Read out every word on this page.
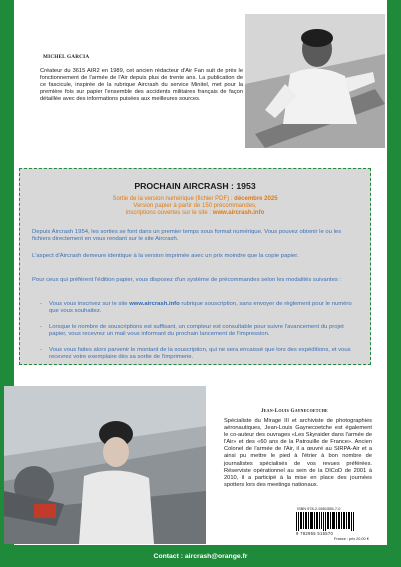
MICHEL GARCIA
Créateur du 3615 AIR2 en 1989, cet ancien rédacteur d'Air Fan suit de près le fonctionnement de l'armée de l'Air depuis plus de trente ans. La publication de ce fascicule, inspirée de la rubrique Aircrash du service Minitel, met pour la première fois sur papier l'ensemble des accidents militaires français de façon détaillée avec des informations puisées aux meilleures sources.
PROCHAIN AIRCRASH : 1953
Sortie de la version numérique (fichier PDF) : décembre 2025
Version papier à partir de 150 précommandes,
inscriptions ouvertes sur le site : www.aircrash.info
Depuis Aircrash 1954, les sorties se font dans un premier temps sous format numérique. Vous pouvez obtenir le ou les fichiers directement en vous rendant sur le site Aircrash.
L'aspect d'Aircrash demeure identique à la version imprimée avec un prix moindre que la copie papier.
Pour ceux qui préfèrent l'édition papier, vous disposez d'un système de précommandes selon les modalités suivantes :
-	Vous vous inscrivez sur le site www.aircrash.info rubrique souscription, sans envoyer de règlement pour le numéro que vous souhaitez.
-	Lorsque le nombre de souscriptions est suffisant, un compteur est consultable pour suivre l'avancement du projet papier, vous recevrez un mail vous informant du prochain lancement de l'impression.
-	Vous vous faites alors parvenir le montant de la souscription, qui ne sera encaissé que lors des expéditions, et vous recevrez votre exemplaire dès sa sortie de l'imprimerie.
Jean-Louis Gaynecoetche
Spécialiste du Mirage III et archiviste de photographies aéronautiques, Jean-Louis Gaynecoetche est également le co-auteur des ouvrages «Les Skyraider dans l'armée de l'Air» et des «60 ans de la Patrouille de France». Ancien Colonel de l'armée de l'Air, il a œuvré au SIRPA-Air et a ainsi pu mettre le pied à l'étrier à bon nombre de journalistes spécialisés de vos revues préférées. Réserviste opérationnel au sein de la DICoD de 2001 à 2010, il a participé à la mise en place des journées spotters lors des meetings nationaux.
ISBN 978-2-9551555-7-0
9 782955 515570
France : prix 20.00 €
Contact : aircrash@orange.fr
